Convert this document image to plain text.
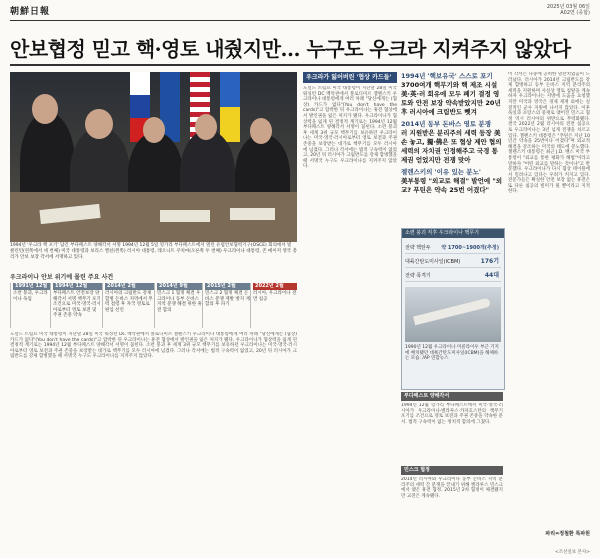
朝鮮日報	2025년 03월 06일
A02면 (종합)
안보협정 믿고 핵·영토 내줬지만… 누구도 우크라 지켜주지 않았다
1994년 '우크라 핵 포기' 담긴 부다페스트 양해각서 서명 1994년 12월 5일 헝가리 부다페스트에서 열린 유럽안보협력기구(OSCE) 회의에서 빌 클린턴(왼쪽에서 세 번째) 미국 대통령과 보리스 옐친(왼쪽) 러시아 대통령, 레오니트 쿠치마(오른쪽 두 번째) 우크라이나 대통령, 존 메이저 영국 총리가 안보 보장 각서에 서명하고 있다.
우크라이나 안보 위기에 몰린 주요 사건
1991년 12월
소련 붕괴, 우크라이나 독립
1994년 12월
부다페스트 안전보장 양해각서 서명 핵무기 포기 조건으로 미국·영국·러시아로부터 영토 보전 및 주권 존중 약속
2014년 2월
러시아의 크림반도 강제 합병 돈바스 지역에서 무력 점령 후 자국 영토로 편입 선언
2014년 9월
민스크 1 협정 체결 우크라이나 동부 돈바스 지역 분쟁 해결 위한 휴전 합의
2015년 2월
민스크 2 협정 체결 돈바스 분쟁 재발 방지 재합의 후 파기
2022년 2월
러시아, 우크라이나 전면 침공
도널드 트럼프 미국 대통령이 지난달 28일 미국 워싱턴 DC 백악관에서 볼로디미르 젤렌스키 우크라이나 대통령에게 여러 차례 "당신에게는 (협상) 카드가 없다"(You don't have the cards)"고 압박한 뒤 우크라이나는 휴전 협상에서 발언권을 잃은 처지가 됐다. 우크라이나가 협상력을 잃게 된 결정적 계기로는 1994년 12월 부다페스트 양해각서 서명이 꼽힌다. 소련 붕괴 후 세계 3위 규모 핵무기를 보유하던 우크라이나는 미국·영국·러시아로부터 영토 보전과 주권 존중을 보장받는 대가로 핵무기를 모두 러시아에 넘겼다. 그러나 각서에는 법적 구속력이 없었고, 20년 뒤 러시아가 크림반도를 강제 합병했을 때 서명국 누구도 우크라이나를 지켜주지 않았다.
우크라가 잃어버린 '협상 카드들'
도널드 트럼프 미국 대통령이 지난달 28일 미국 워싱턴 DC 백악관에서 볼로디미르 젤렌스키 우크라이나 대통령에게 여러 차례 "당신에게는 (협상) 카드가 없다"(You don't have the cards)"고 압박한 뒤 우크라이나는 휴전 협상에서 발언권을 잃은 처지가 됐다. 우크라이나가 협상력을 잃게 된 결정적 계기로는 1994년 12월 부다페스트 양해각서 서명이 꼽힌다. 소련 붕괴 후 세계 3위 규모 핵무기를 보유하던 우크라이나는 미국·영국·러시아로부터 영토 보전과 주권 존중을 보장받는 대가로 핵무기를 모두 러시아에 넘겼다. 그러나 각서에는 법적 구속력이 없었고, 20년 뒤 러시아가 크림반도를 강제 합병했을 때 서명국 누구도 우크라이나를 지켜주지 않았다.
1994년 '핵보유국' 스스로 포기
3700여개 핵무기와 핵 제조 시설 美·英·러 회유에 모두 폐기 결정 영토와 안전 보장 약속받았지만 20년 후 러시아에 크림반도 뺏겨
2014년 동부 돈바스 영토 분쟁
러 지원받은 분리주의 세력 등장 美 손 놓고, 獨·佛은 또 협상 제안 협의 세력의 자치권 인정해주고 국경 통제권 얻었지만 전쟁 맞아
젤렌스키의 '이유 있는 분노'
美부통령 "외교로 해결" 발언에 "외교? 푸틴은 약속 25번 어겼다"
소련 붕괴 직후 우크라이나 핵무기
전략 핵탄두 약 1700~1900개(추정)
대륙간탄도미사일(ICBM)	176기
전략 폭격기	44대
1990년 12월 우크라이나 미콜라이우 부근 기지에 배치됐던 대륙간탄도미사일(ICBM)을 해체하는 모습. /AP 연합뉴스
부다페스트 양해각서
1994년 12월 헝가리 부다페스트에서 미국·영국·러시아가 우크라이나·벨라루스·카자흐스탄의 핵무기 포기를 조건으로 영토 보전과 주권 존중을 약속한 문서. 법적 구속력이 없는 정치적 합의에 그쳤다.
민스크 협정
2014년 러시아와 우크라이나 동부 돈바스 지역 분리주의 세력 간 분쟁을 끝내기 위해 벨라루스 민스크에서 맺은 휴전 협정. 2015년 2차 협정이 체결됐지만 교전은 계속됐다.
이 각서는 나중에 공허한 말잔치였음이 드러났다. 러시아가 2014년 크림반도를 강제 합병하고 동부 돈바스 지역 분리주의 세력을 지원하며 사실상 영토 침탈을 계속하자 우크라이나는 서방에 도움을 요청했지만 미국과 영국은 경제 제재 외에는 실질적인 군사 지원에 나서지 않았다. 이후 독일과 프랑스의 중재로 맺어진 민스크 협정 역시 러시아의 위반으로 무력화됐다. 결국 2022년 2월 러시아의 전면 침공으로 우크라이나는 3년 넘게 전쟁을 치르고 있다. 젤렌스키 대통령은 "푸틴은 지난 10년간 약속을 25번이나 어겼다"며 외교적 해결을 강조하는 미국의 태도에 분노했다. 젤렌스키 대통령은 최근 J.D. 밴스 미국 부통령이 "외교를 통한 평화가 해법"이라고 말하자 "어떤 외교를 말하는 것이냐"고 반문했다. 우크라이나가 다시 협상 테이블에서 밀려나고 있다는 우려가 커지고 있다. 전문가들은 확실한 안전 보장 없는 휴전은 또 다른 침공의 빌미가 될 뿐이라고 지적한다.
파리=정철환 특파원
<조선일보 본사>
